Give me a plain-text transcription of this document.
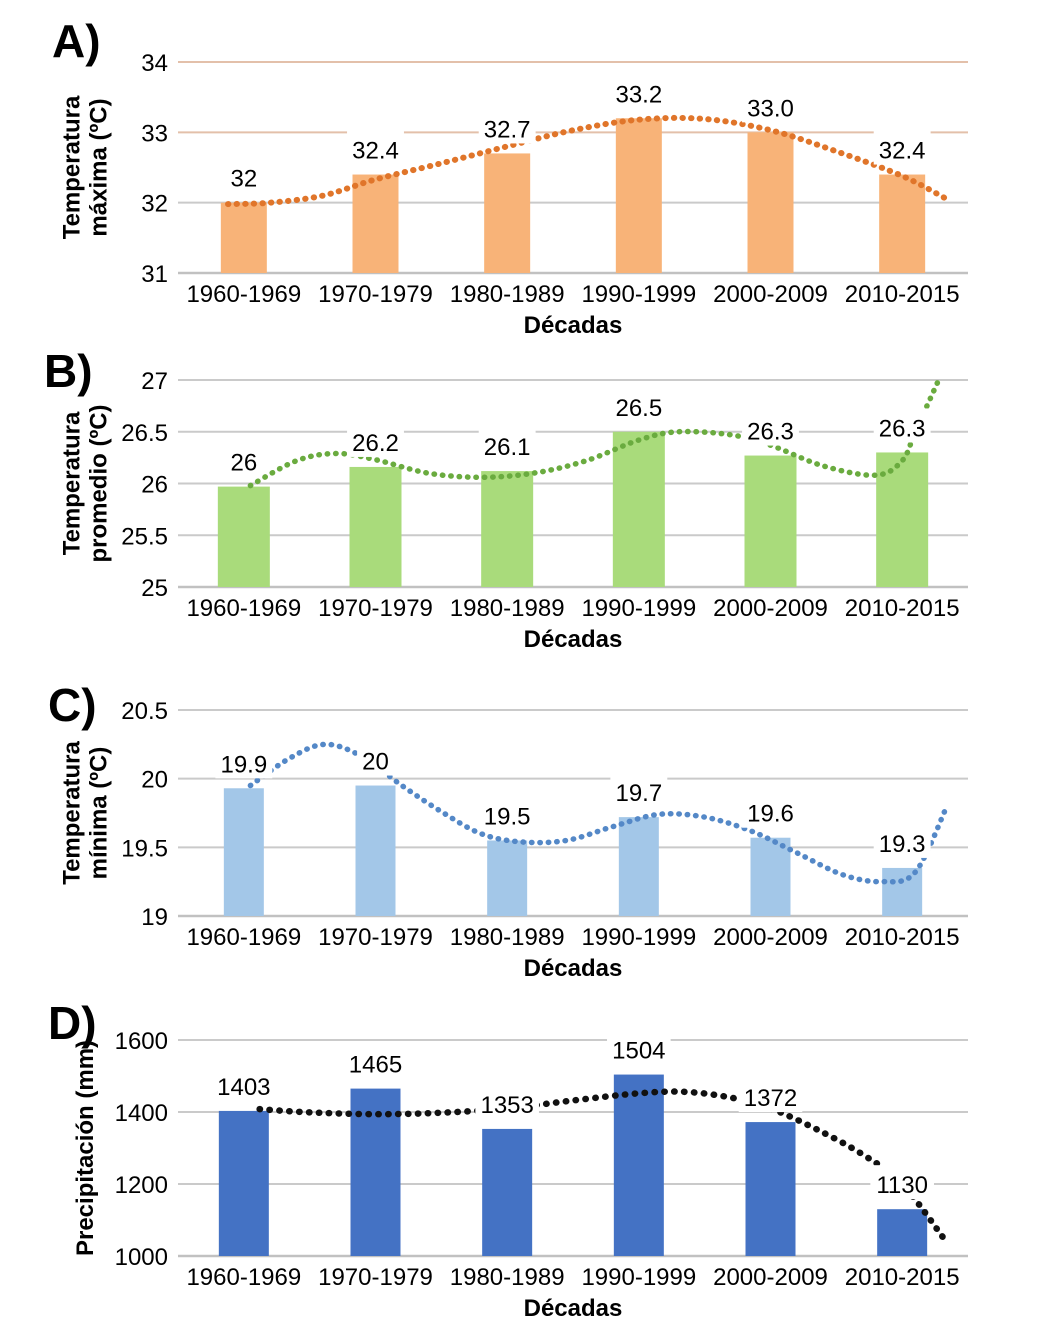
A) 34
33
32
31
32
32.4
32.7
33.2
33.0
32.4
1960-1969 1970-1979 1980-1989 1990-1999 2000-2009 2010-2015
Décadas
Temperaturamáxima (ºC)
B) 27
26.5
26
25.5
25
26
26.2	26.1
26.5
26.3	26.3
1960-1969 1970-1979 1980-1989 1990-1999 2000-2009 2010-2015
Décadas
Temperaturapromedio (ºC)
C) 20.5
20
19.5
19
19.9	20
19.5
19.7
19.6
19.3
1960-1969 1970-1979 1980-1989 1990-1999 2000-2009 2010-2015
Décadas
Temperaturamínima (ºC)
D) 1600
1400
1200
1000
1403
1465
1353
1504
1372
1130
1960-1969 1970-1979 1980-1989 1990-1999 2000-2009 2010-2015
Décadas
Precipitación (mm)
